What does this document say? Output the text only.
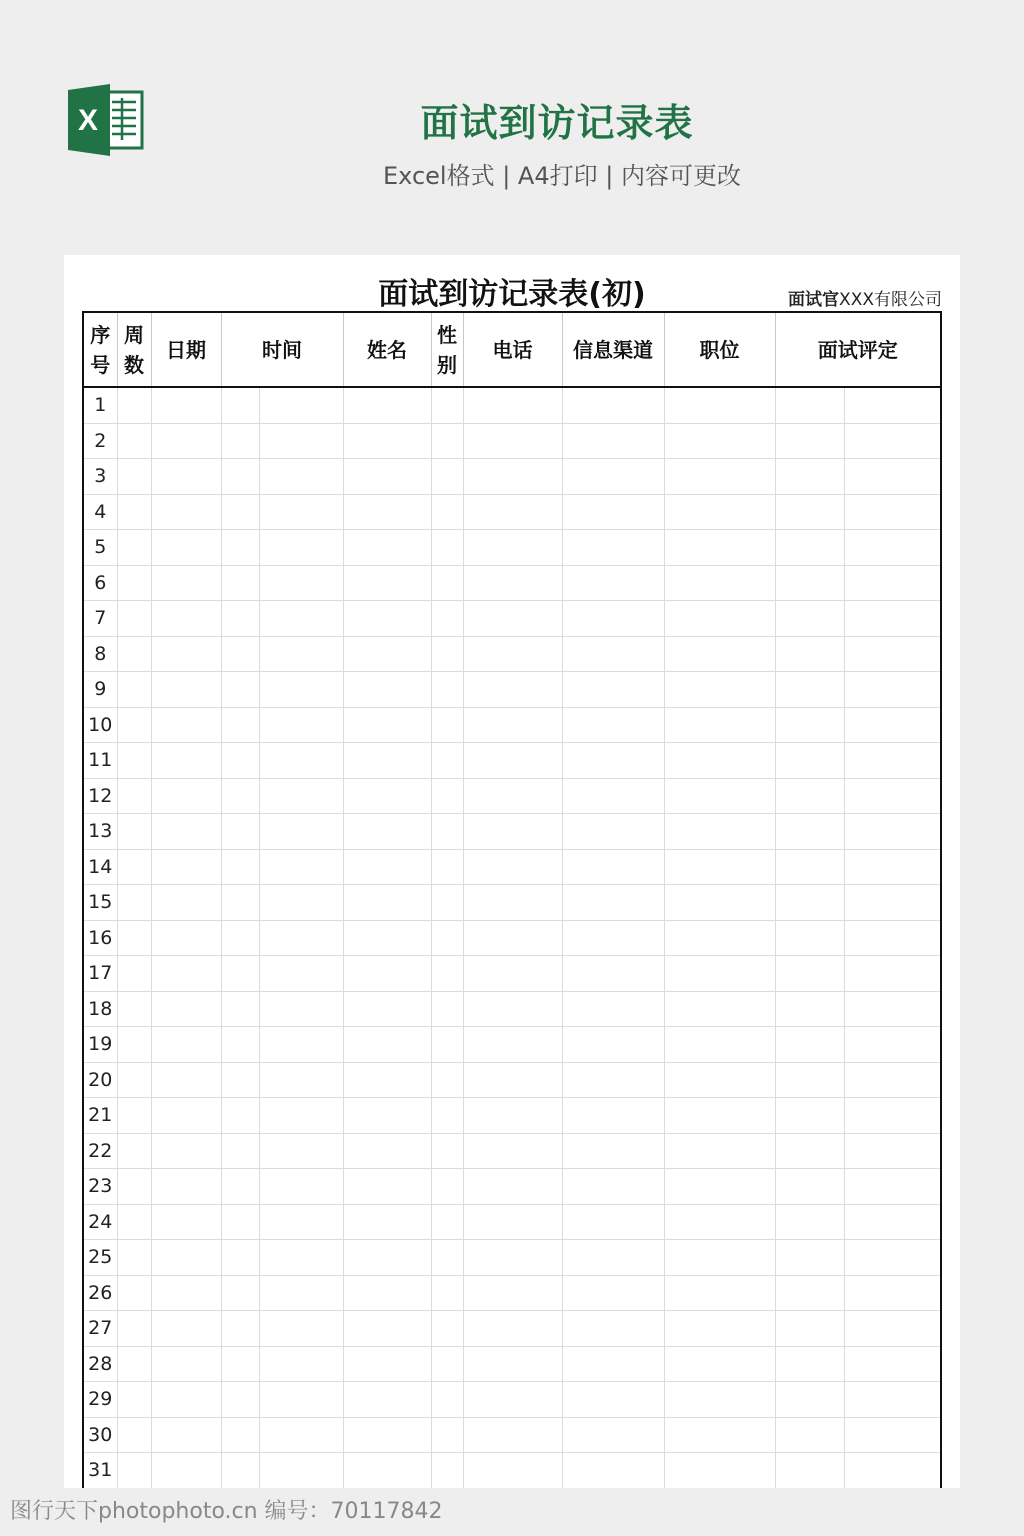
X	面试到访记录表
Excel格式 | A4打印 | 内容可更改
面试到访记录表(初)	面试官XXX有限公司
序号	周数	日期	时间		姓名	性别	电话	信息渠道	职位	面试评定	
1											
2											
3											
4											
5											
6											
7											
8											
9											
10											
11											
12											
13											
14											
15											
16											
17											
18											
19											
20											
21											
22											
23											
24											
25											
26											
27											
28											
29											
30											
31											
图行天下photophoto.cn 编号：70117842
